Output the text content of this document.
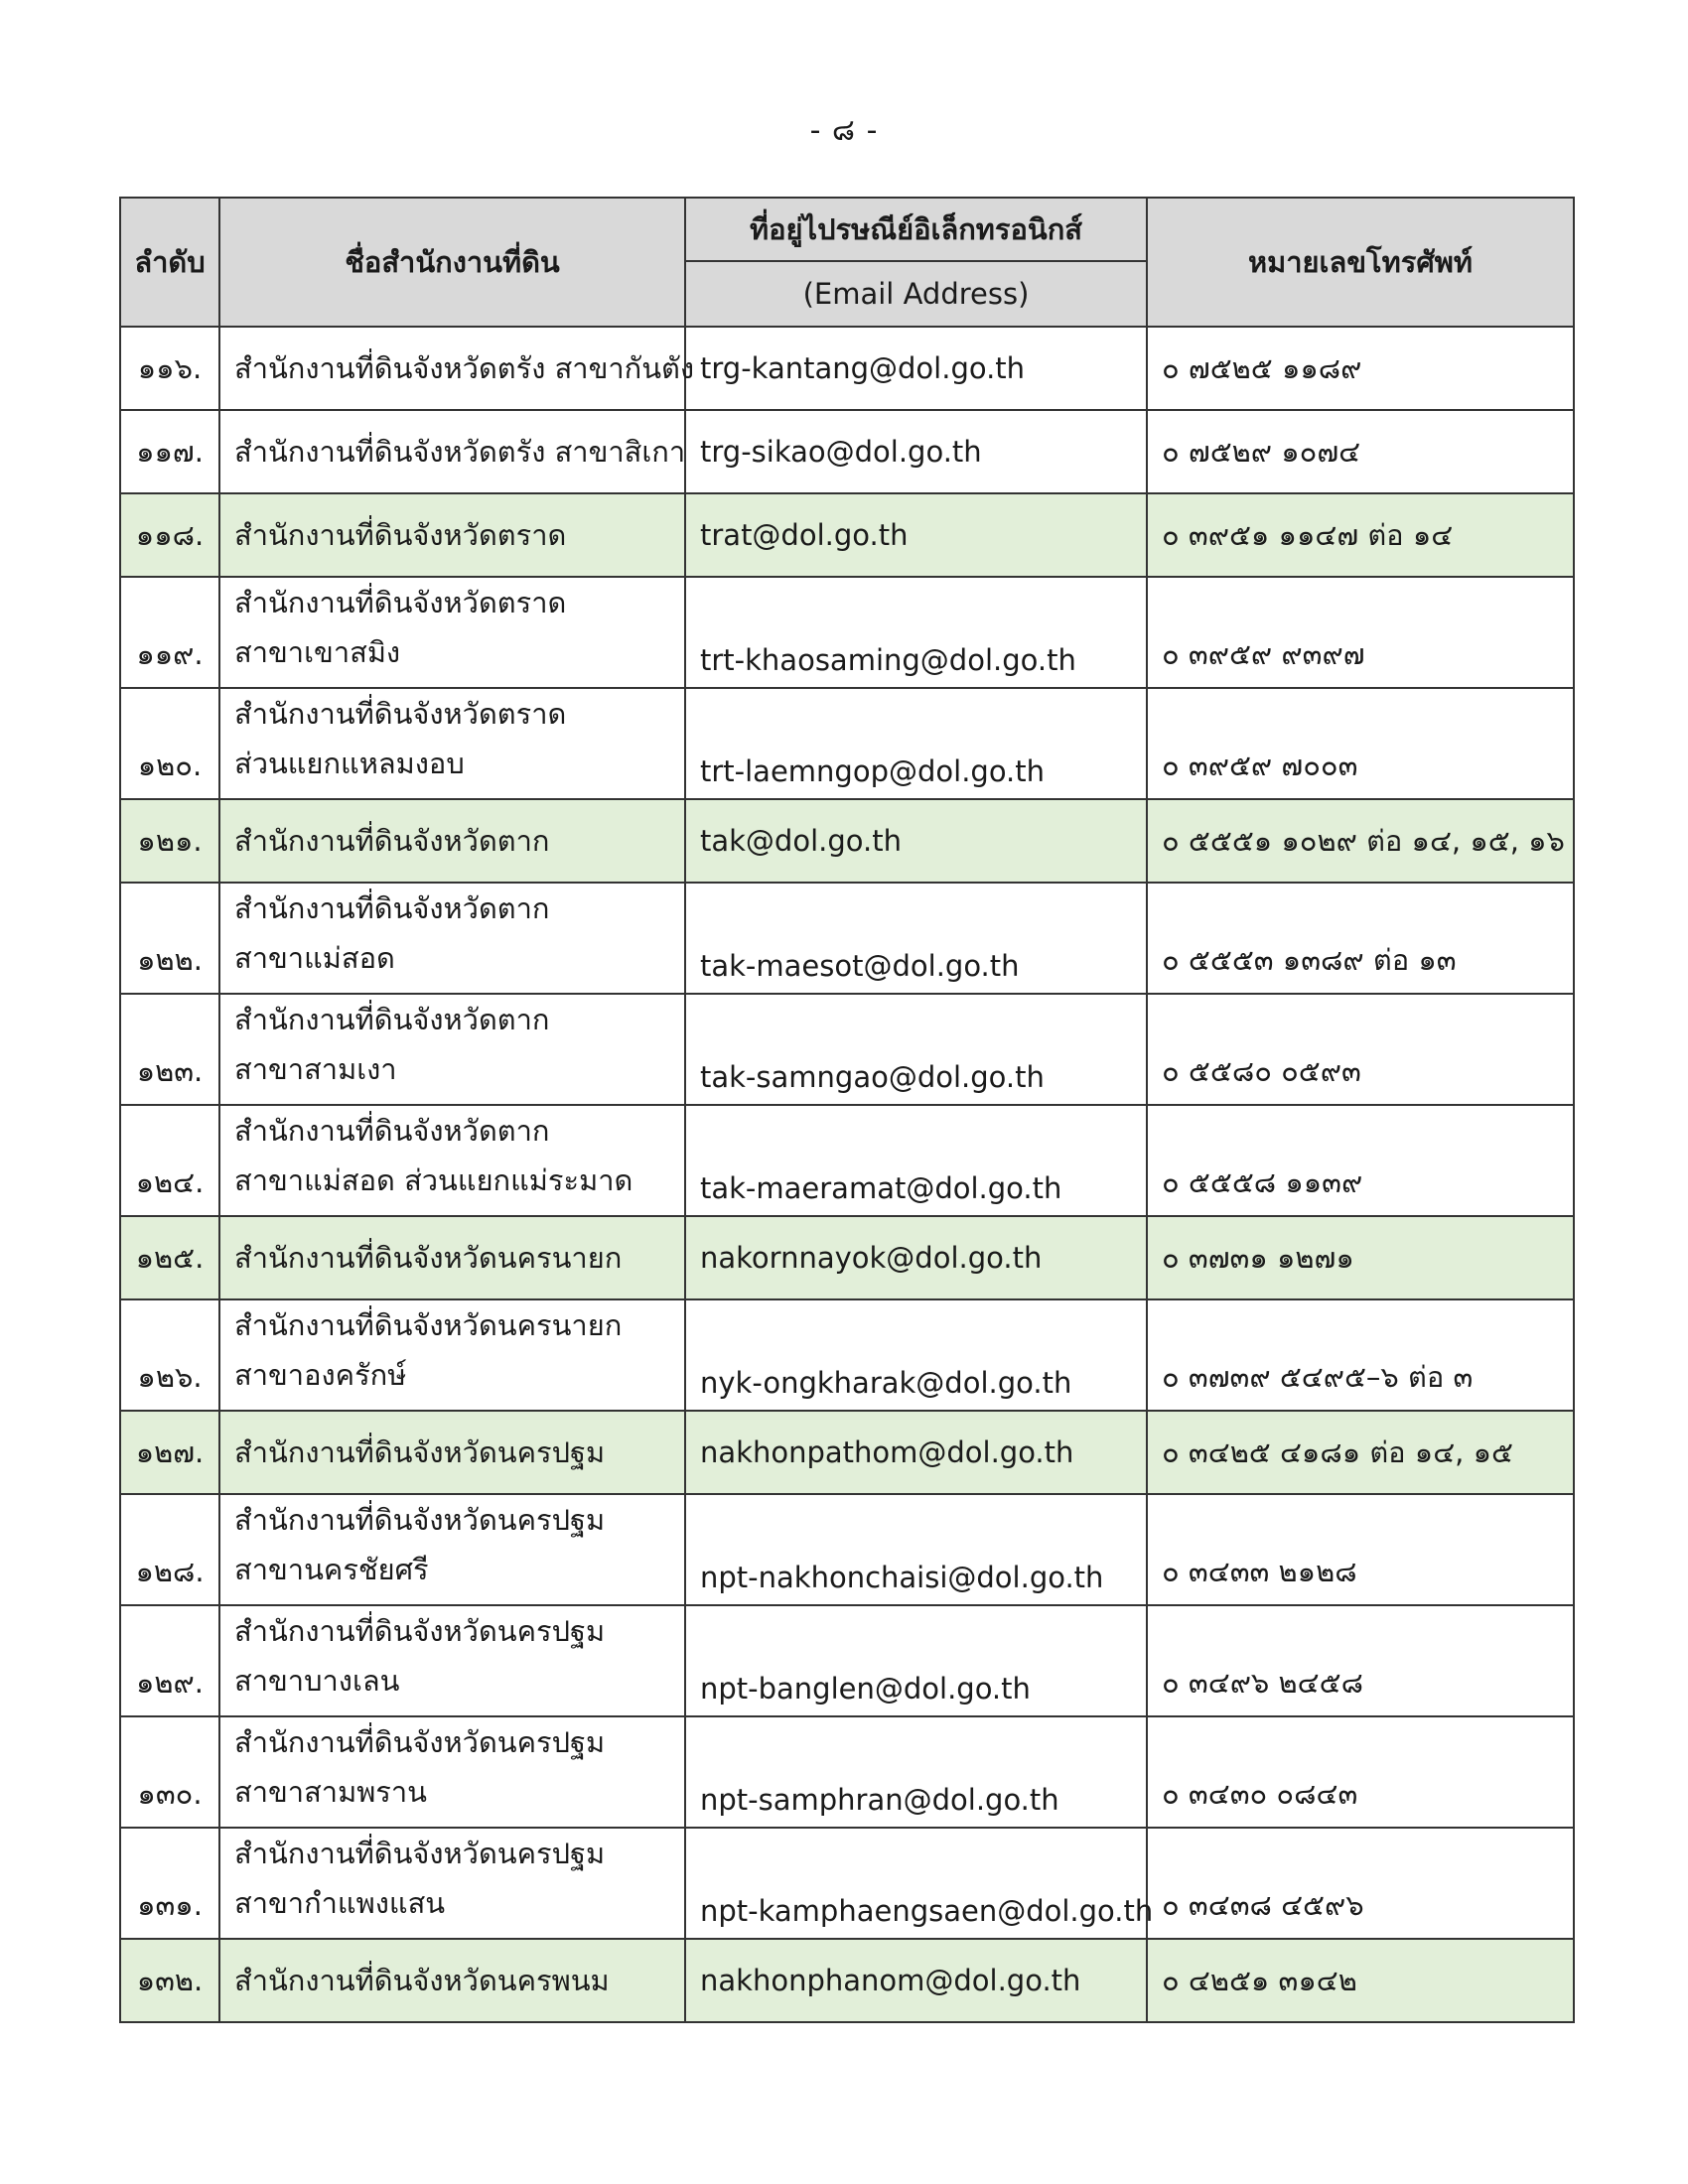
- ๘ -
ลำดับ	ชื่อสำนักงานที่ดิน	ที่อยู่ไปรษณีย์อิเล็กทรอนิกส์	หมายเลขโทรศัพท์
		(Email Address)	
๑๑๖.	สำนักงานที่ดินจังหวัดตรัง สาขากันตัง	trg-kantang@dol.go.th	๐ ๗๕๒๕ ๑๑๘๙
๑๑๗.	สำนักงานที่ดินจังหวัดตรัง สาขาสิเกา	trg-sikao@dol.go.th	๐ ๗๕๒๙ ๑๐๗๔
๑๑๘.	สำนักงานที่ดินจังหวัดตราด	trat@dol.go.th	๐ ๓๙๕๑ ๑๑๔๗ ต่อ ๑๔
๑๑๙.	สำนักงานที่ดินจังหวัดตราด
สาขาเขาสมิง	trt-khaosaming@dol.go.th	๐ ๓๙๕๙ ๙๓๙๗
๑๒๐.	สำนักงานที่ดินจังหวัดตราด
ส่วนแยกแหลมงอบ	trt-laemngop@dol.go.th	๐ ๓๙๕๙ ๗๐๐๓
๑๒๑.	สำนักงานที่ดินจังหวัดตาก	tak@dol.go.th	๐ ๕๕๕๑ ๑๐๒๙ ต่อ ๑๔, ๑๕, ๑๖
๑๒๒.	สำนักงานที่ดินจังหวัดตาก
สาขาแม่สอด	tak-maesot@dol.go.th	๐ ๕๕๕๓ ๑๓๘๙ ต่อ ๑๓
๑๒๓.	สำนักงานที่ดินจังหวัดตาก
สาขาสามเงา	tak-samngao@dol.go.th	๐ ๕๕๘๐ ๐๕๙๓
๑๒๔.	สำนักงานที่ดินจังหวัดตาก
สาขาแม่สอด ส่วนแยกแม่ระมาด	tak-maeramat@dol.go.th	๐ ๕๕๕๘ ๑๑๓๙
๑๒๕.	สำนักงานที่ดินจังหวัดนครนายก	nakornnayok@dol.go.th	๐ ๓๗๓๑ ๑๒๗๑
๑๒๖.	สำนักงานที่ดินจังหวัดนครนายก
สาขาองครักษ์	nyk-ongkharak@dol.go.th	๐ ๓๗๓๙ ๕๔๙๕–๖ ต่อ ๓
๑๒๗.	สำนักงานที่ดินจังหวัดนครปฐม	nakhonpathom@dol.go.th	๐ ๓๔๒๕ ๔๑๘๑ ต่อ ๑๔, ๑๕
๑๒๘.	สำนักงานที่ดินจังหวัดนครปฐม
สาขานครชัยศรี	npt-nakhonchaisi@dol.go.th	๐ ๓๔๓๓ ๒๑๒๘
๑๒๙.	สำนักงานที่ดินจังหวัดนครปฐม
สาขาบางเลน	npt-banglen@dol.go.th	๐ ๓๔๙๖ ๒๔๕๘
๑๓๐.	สำนักงานที่ดินจังหวัดนครปฐม
สาขาสามพราน	npt-samphran@dol.go.th	๐ ๓๔๓๐ ๐๘๔๓
๑๓๑.	สำนักงานที่ดินจังหวัดนครปฐม
สาขากำแพงแสน	npt-kamphaengsaen@dol.go.th	๐ ๓๔๓๘ ๔๕๙๖
๑๓๒.	สำนักงานที่ดินจังหวัดนครพนม	nakhonphanom@dol.go.th	๐ ๔๒๕๑ ๓๑๔๒
